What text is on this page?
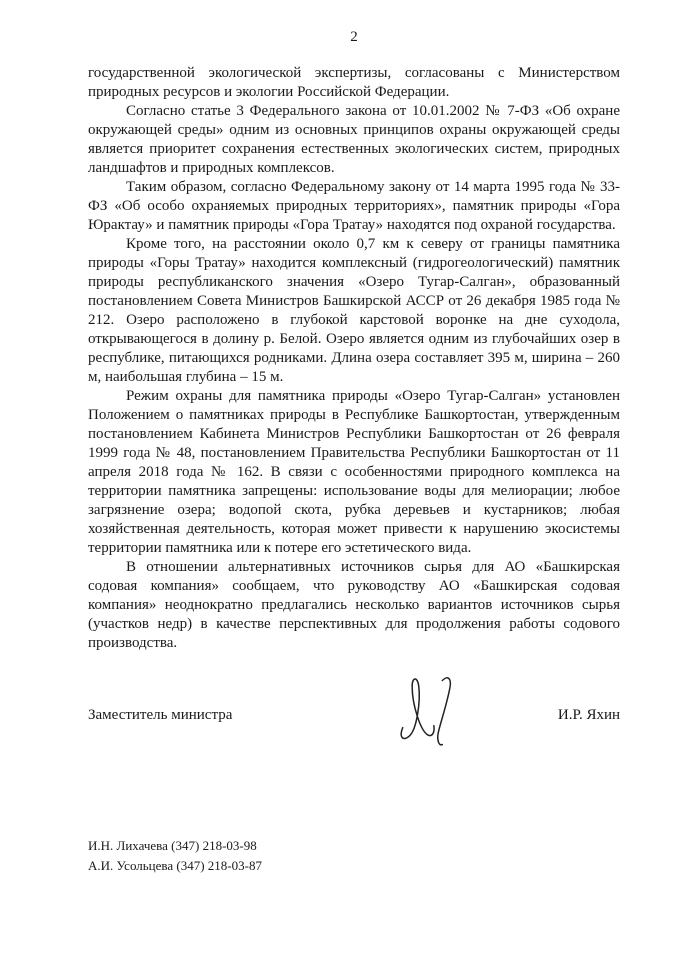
2

государственной экологической экспертизы, согласованы с Министерством природных ресурсов и экологии Российской Федерации.

Согласно статье 3 Федерального закона от 10.01.2002 № 7-ФЗ «Об охране окружающей среды» одним из основных принципов охраны окружающей среды является приоритет сохранения естественных экологических систем, природных ландшафтов и природных комплексов.

Таким образом, согласно Федеральному закону от 14 марта 1995 года № 33-ФЗ «Об особо охраняемых природных территориях», памятник природы «Гора Юрактау» и памятник природы «Гора Тратау» находятся под охраной государства.

Кроме того, на расстоянии около 0,7 км к северу от границы памятника природы «Горы Тратау» находится комплексный (гидрогеологический) памятник природы республиканского значения «Озеро Тугар-Салган», образованный постановлением Совета Министров Башкирской АССР от 26 декабря 1985 года № 212. Озеро расположено в глубокой карстовой воронке на дне суходола, открывающегося в долину р. Белой. Озеро является одним из глубочайших озер в республике, питающихся родниками. Длина озера составляет 395 м, ширина – 260 м, наибольшая глубина – 15 м.

Режим охраны для памятника природы «Озеро Тугар-Салган» установлен Положением о памятниках природы в Республике Башкортостан, утвержденным постановлением Кабинета Министров Республики Башкортостан от 26 февраля 1999 года № 48, постановлением Правительства Республики Башкортостан от 11 апреля 2018 года № 162. В связи с особенностями природного комплекса на территории памятника запрещены: использование воды для мелиорации; любое загрязнение озера; водопой скота, рубка деревьев и кустарников; любая хозяйственная деятельность, которая может привести к нарушению экосистемы территории памятника или к потере его эстетического вида.

В отношении альтернативных источников сырья для АО «Башкирская содовая компания» сообщаем, что руководству АО «Башкирская содовая компания» неоднократно предлагались несколько вариантов источников сырья (участков недр) в качестве перспективных для продолжения работы содового производства.

Заместитель министра	И.Р. Яхин
И.Н. Лихачева (347) 218-03-98
А.И. Усольцева (347) 218-03-87
